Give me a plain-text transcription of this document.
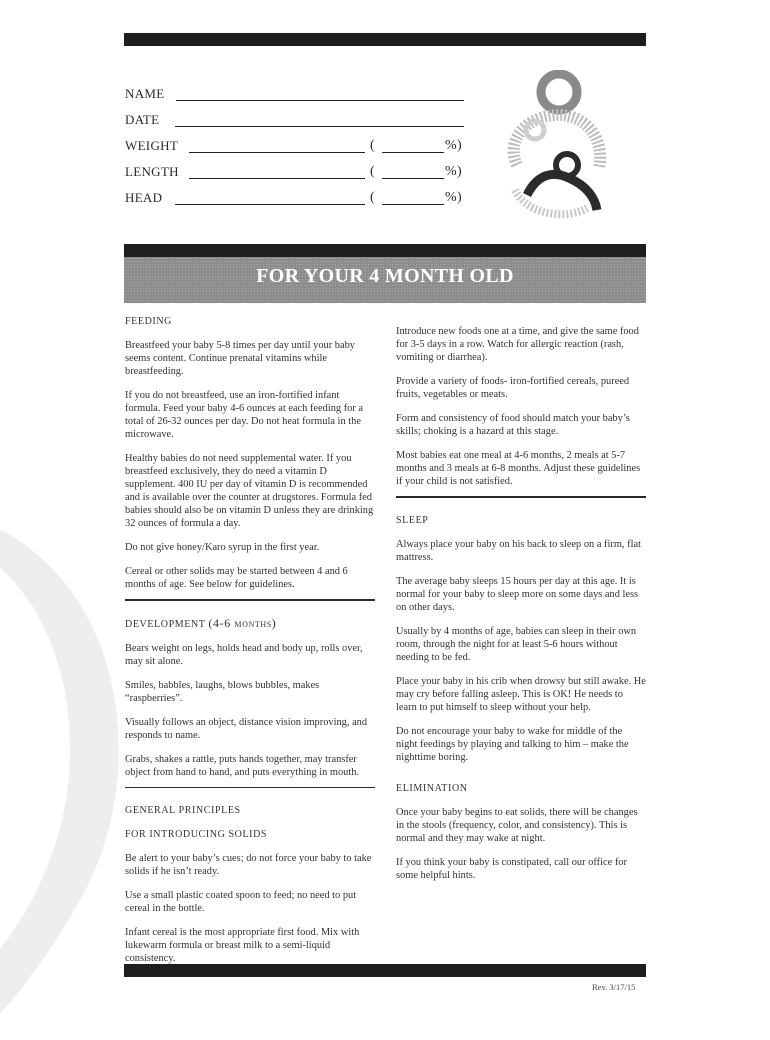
NAME
DATE
WEIGHT	(	%)
LENGTH	(	%)
HEAD	(	%)
FOR YOUR 4 MONTH OLD

FEEDING

Breastfeed your baby 5-8 times per day until your baby seems content. Continue prenatal vitamins while breastfeeding.

If you do not breastfeed, use an iron-fortified infant formula. Feed your baby 4-6 ounces at each feeding for a total of 26-32 ounces per day. Do not heat formula in the microwave.

Healthy babies do not need supplemental water. If you breastfeed exclusively, they do need a vitamin D supplement. 400 IU per day of vitamin D is recommended and is available over the counter at drugstores. Formula fed babies should also be on vitamin D unless they are drinking 32 ounces of formula a day.

Do not give honey/Karo syrup in the first year.

Cereal or other solids may be started between 4 and 6 months of age. See below for guidelines.

DEVELOPMENT (4-6 months)

Bears weight on legs, holds head and body up, rolls over, may sit alone.

Smiles, babbles, laughs, blows bubbles, makes “raspberries”.

Visually follows an object, distance vision improving, and responds to name.

Grabs, shakes a rattle, puts hands together, may transfer object from hand to hand, and puts everything in mouth.

GENERAL PRINCIPLES

FOR INTRODUCING SOLIDS

Be alert to your baby’s cues; do not force your baby to take solids if he isn’t ready.

Use a small plastic coated spoon to feed; no need to put cereal in the bottle.

Infant cereal is the most appropriate first food. Mix with lukewarm formula or breast milk to a semi-liquid consistency.

Introduce new foods one at a time, and give the same food for 3-5 days in a row. Watch for allergic reaction (rash, vomiting or diarrhea).

Provide a variety of foods- iron-fortified cereals, pureed fruits, vegetables or meats.

Form and consistency of food should match your baby’s skills; choking is a hazard at this stage.

Most babies eat one meal at 4-6 months, 2 meals at 5-7 months and 3 meals at 6-8 months. Adjust these guidelines if your child is not satisfied.

SLEEP

Always place your baby on his back to sleep on a firm, flat mattress.

The average baby sleeps 15 hours per day at this age. It is normal for your baby to sleep more on some days and less on other days.

Usually by 4 months of age, babies can sleep in their own room, through the night for at least 5-6 hours without needing to be fed.

Place your baby in his crib when drowsy but still awake. He may cry before falling asleep. This is OK! He needs to learn to put himself to sleep without your help.

Do not encourage your baby to wake for middle of the night feedings by playing and talking to him – make the nighttime boring.

ELIMINATION

Once your baby begins to eat solids, there will be changes in the stools (frequency, color, and consistency). This is normal and they may wake at night.

If you think your baby is constipated, call our office for some helpful hints.

Rev. 3/17/15
